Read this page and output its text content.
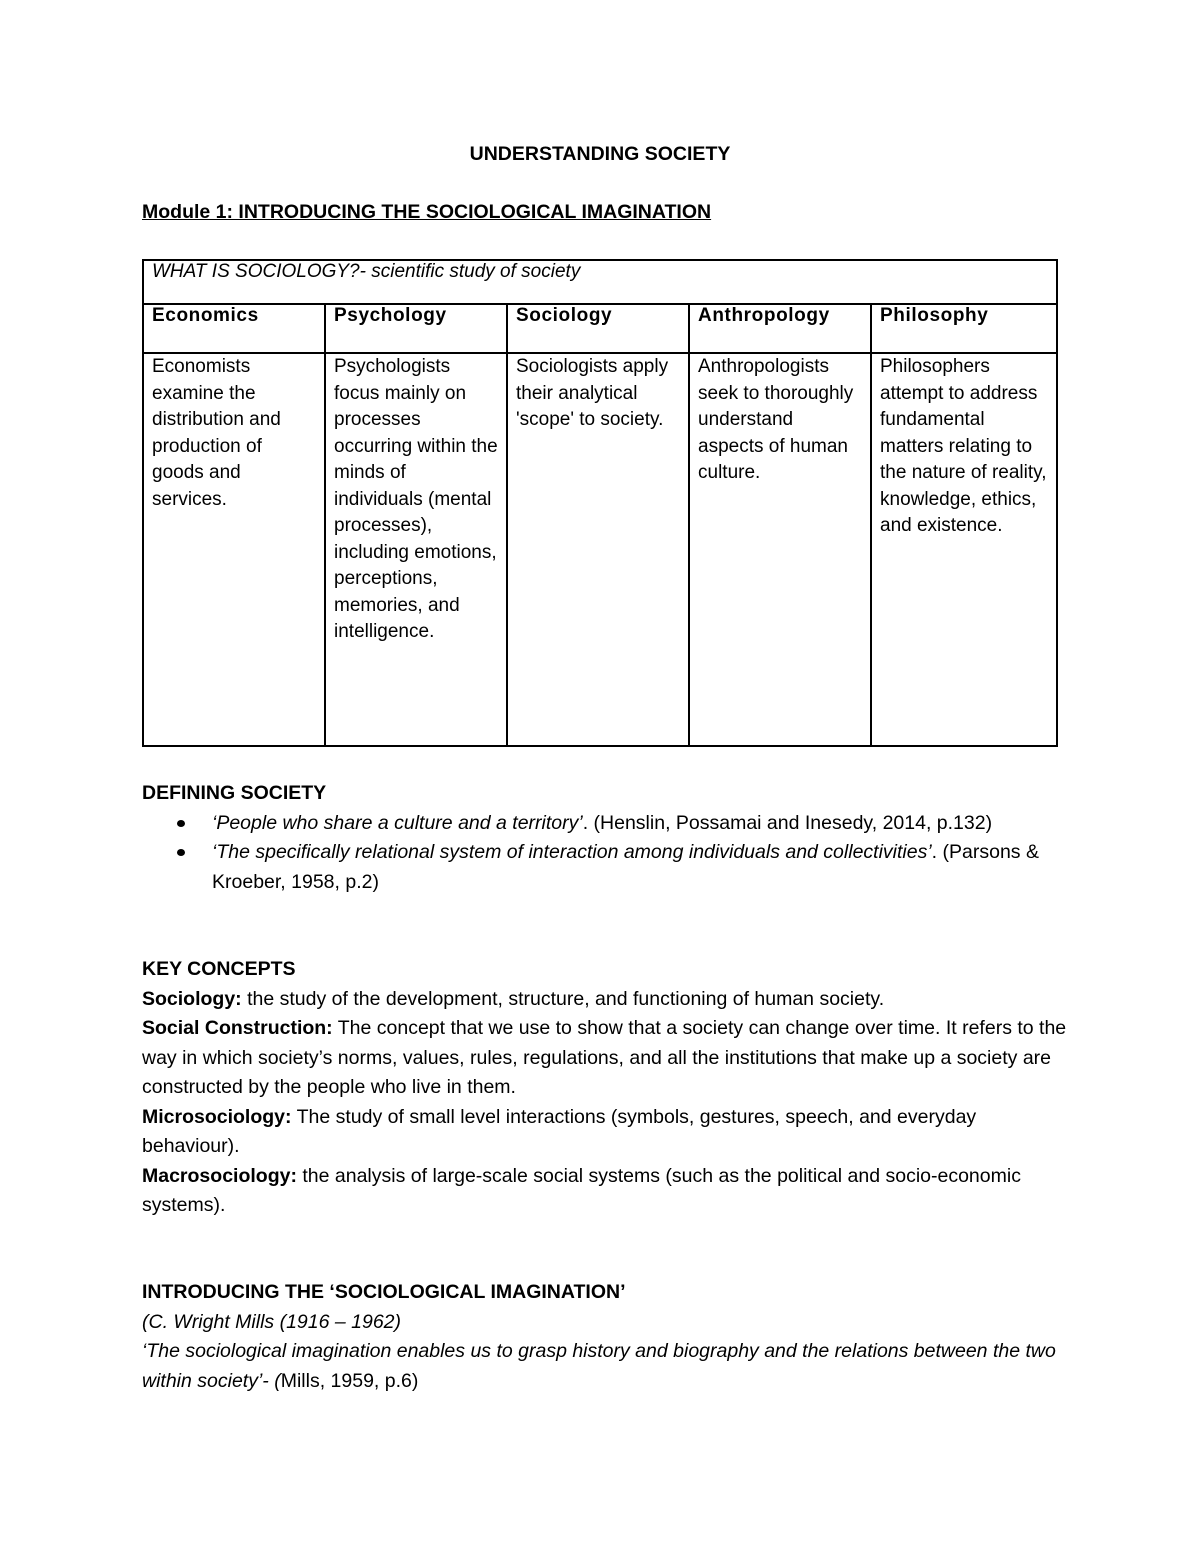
UNDERSTANDING SOCIETY
Module 1: INTRODUCING THE SOCIOLOGICAL IMAGINATION
WHAT IS SOCIOLOGY?- scientific study of society				
Economics	Psychology	Sociology	Anthropology	Philosophy
Economists examine the distribution and production of goods and services.	Psychologists focus mainly on processes occurring within the minds of individuals (mental processes), including emotions, perceptions, memories, and intelligence.	Sociologists apply their analytical 'scope' to society.	Anthropologists seek to thoroughly understand aspects of human culture.	Philosophers attempt to address fundamental matters relating to the nature of reality, knowledge, ethics, and existence.
DEFINING SOCIETY
‘People who share a culture and a territory’. (Henslin, Possamai and Inesedy, 2014, p.132)
‘The specifically relational system of interaction among individuals and collectivities’. (Parsons & Kroeber, 1958, p.2)
KEY CONCEPTS
Sociology: the study of the development, structure, and functioning of human society.
Social Construction: The concept that we use to show that a society can change over time. It refers to the way in which society’s norms, values, rules, regulations, and all the institutions that make up a society are constructed by the people who live in them.
Microsociology: The study of small level interactions (symbols, gestures, speech, and everyday behaviour).
Macrosociology: the analysis of large-scale social systems (such as the political and socio-economic systems).
INTRODUCING THE ‘SOCIOLOGICAL IMAGINATION’
(C. Wright Mills (1916 – 1962)
‘The sociological imagination enables us to grasp history and biography and the relations between the two within society’- (Mills, 1959, p.6)
